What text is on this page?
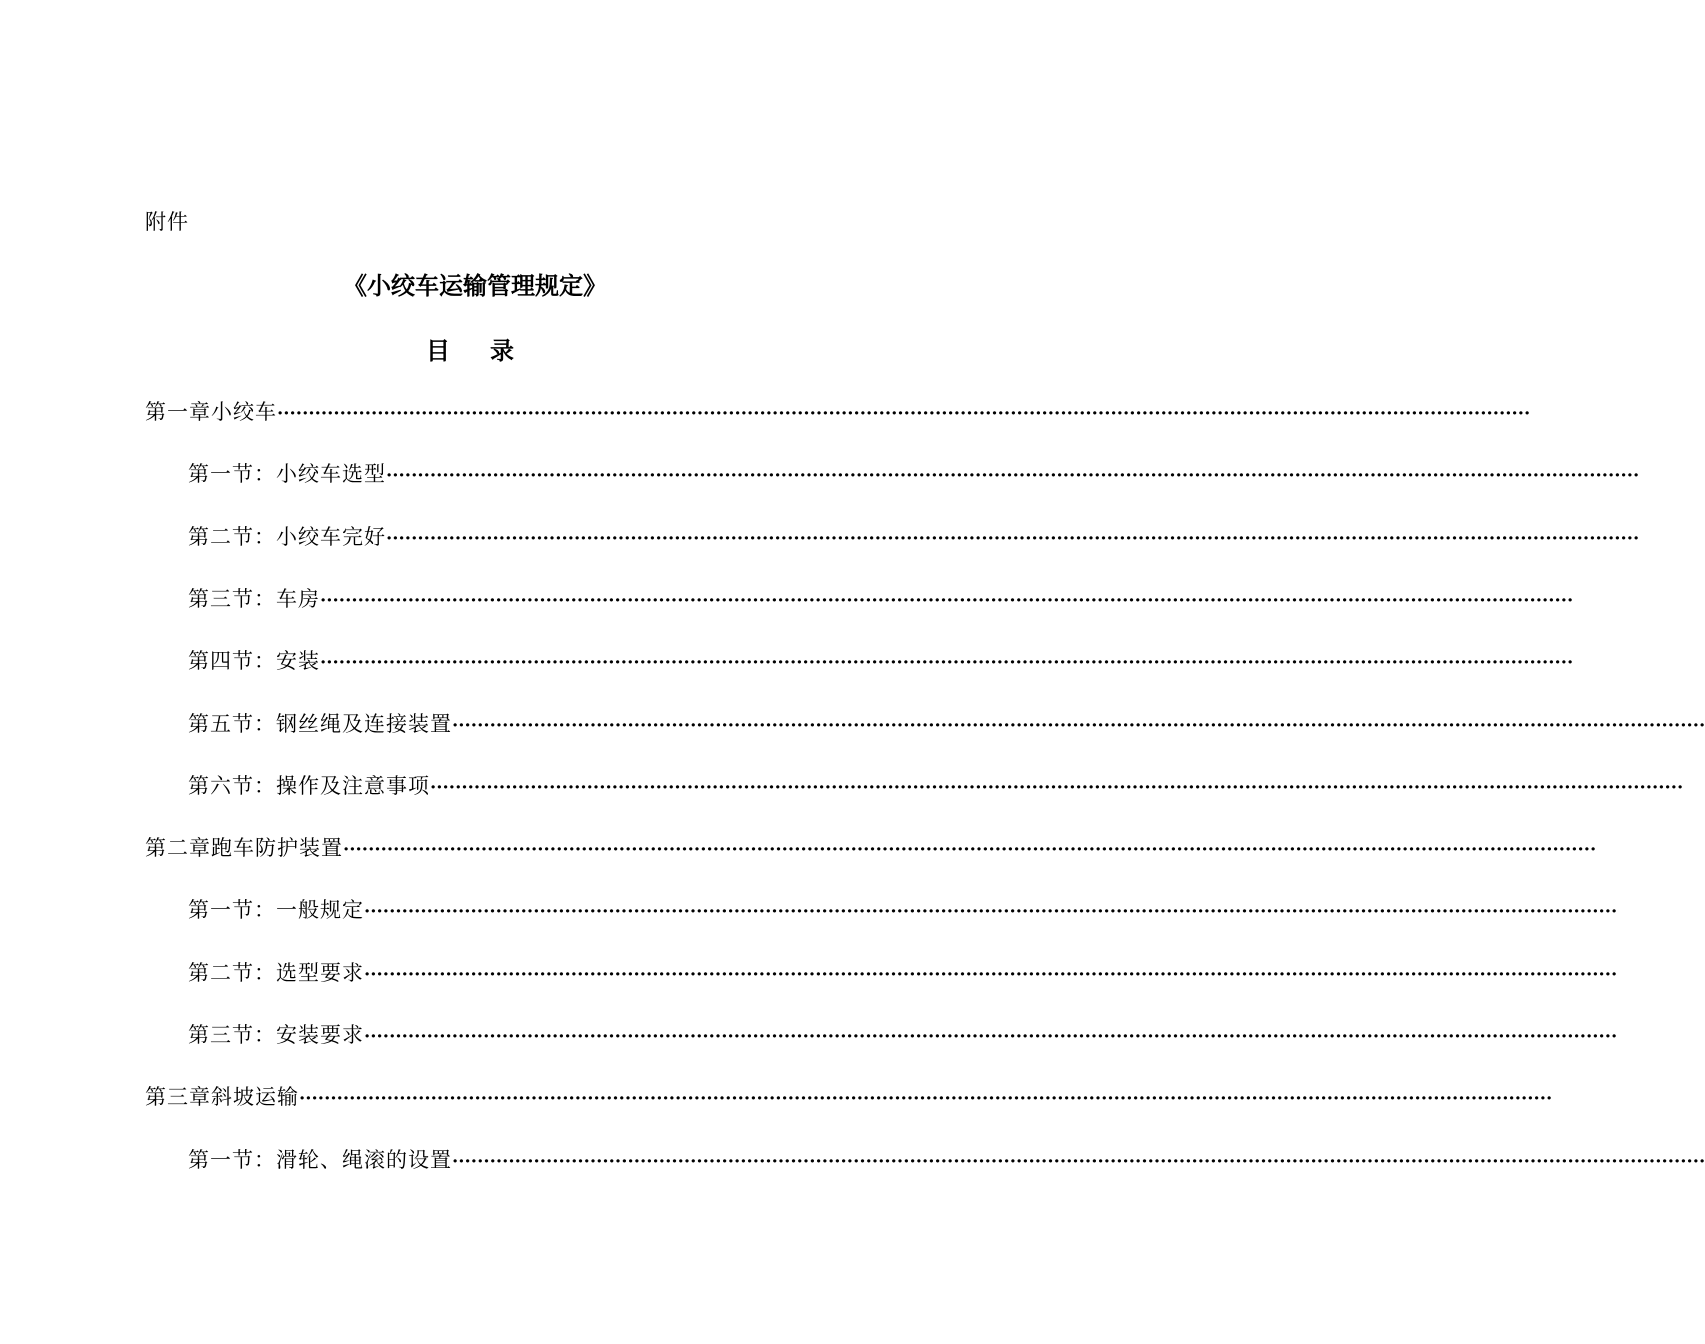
附件
《小绞车运输管理规定》
目录
第一章 小绞车 ········································································································································································································
第一节： 小绞车选型 ········································································································································································································
第二节： 小绞车完好 ········································································································································································································
第三节： 车房 ········································································································································································································
第四节： 安装 ········································································································································································································
第五节： 钢丝绳及连接装置 ········································································································································································································
第六节： 操作及注意事项 ········································································································································································································
第二章 跑车防护装置 ········································································································································································································
第一节： 一般规定 ········································································································································································································
第二节： 选型要求 ········································································································································································································
第三节： 安装要求 ········································································································································································································
第三章 斜坡运输 ········································································································································································································
第一节： 滑轮、绳滚的设置 ········································································································································································································
